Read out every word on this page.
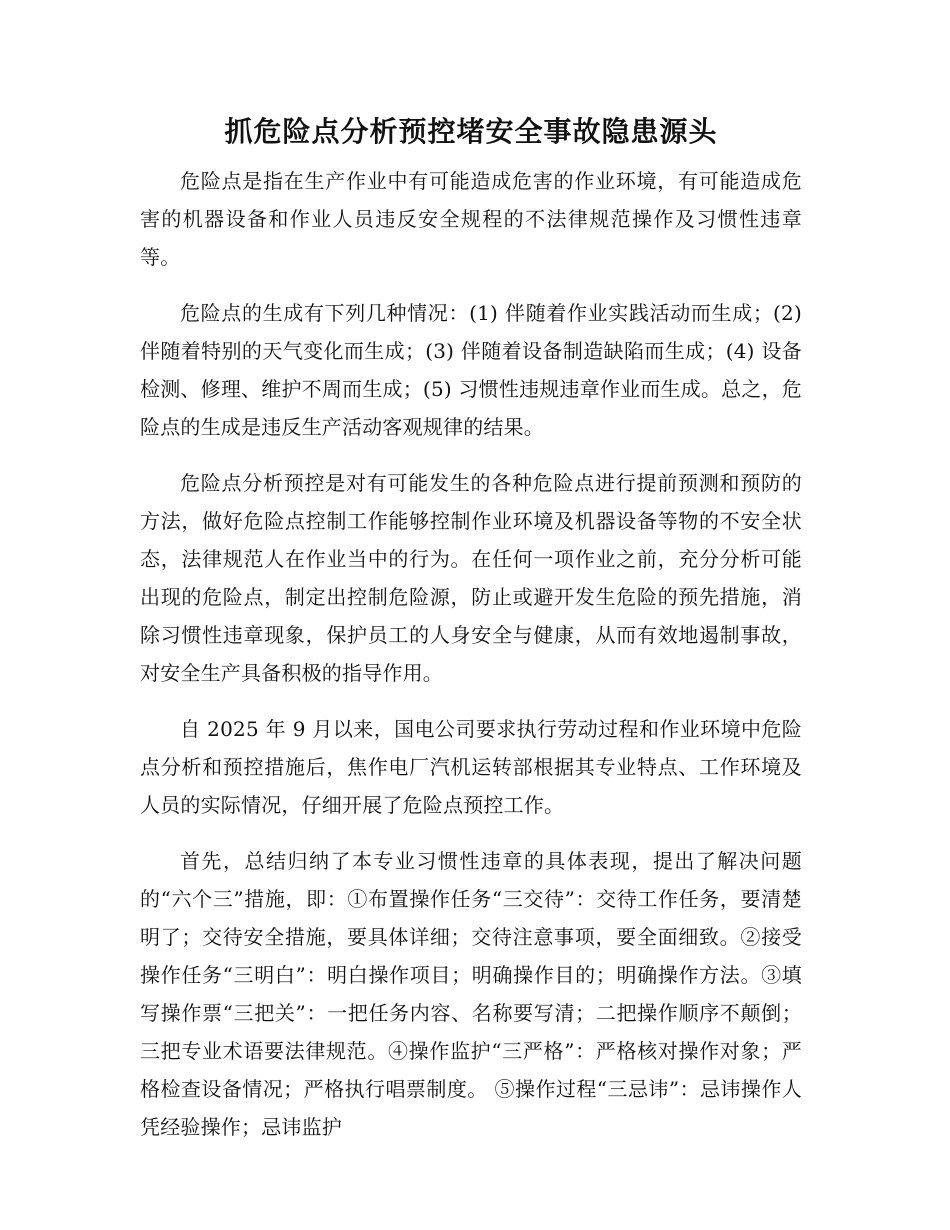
抓危险点分析预控堵安全事故隐患源头

危险点是指在生产作业中有可能造成危害的作业环境，有可能造成危害的机器设备和作业人员违反安全规程的不法律规范操作及习惯性违章等。

危险点的生成有下列几种情况：(1) 伴随着作业实践活动而生成；(2) 伴随着特别的天气变化而生成；(3) 伴随着设备制造缺陷而生成；(4) 设备检测、修理、维护不周而生成；(5) 习惯性违规违章作业而生成。总之，危险点的生成是违反生产活动客观规律的结果。

危险点分析预控是对有可能发生的各种危险点进行提前预测和预防的方法，做好危险点控制工作能够控制作业环境及机器设备等物的不安全状态，法律规范人在作业当中的行为。在任何一项作业之前，充分分析可能出现的危险点，制定出控制危险源，防止或避开发生危险的预先措施，消除习惯性违章现象，保护员工的人身安全与健康，从而有效地遏制事故，对安全生产具备积极的指导作用。

自 2025 年 9 月以来，国电公司要求执行劳动过程和作业环境中危险点分析和预控措施后，焦作电厂汽机运转部根据其专业特点、工作环境及人员的实际情况，仔细开展了危险点预控工作。

首先，总结归纳了本专业习惯性违章的具体表现，提出了解决问题的“六个三”措施，即：①布置操作任务“三交待”：交待工作任务，要清楚明了；交待安全措施，要具体详细；交待注意事项，要全面细致。②接受操作任务“三明白”：明白操作项目；明确操作目的；明确操作方法。③填写操作票“三把关”：一把任务内容、名称要写清；二把操作顺序不颠倒；三把专业术语要法律规范。④操作监护“三严格”：严格核对操作对象；严格检查设备情况；严格执行唱票制度。 ⑤操作过程“三忌讳”：忌讳操作人凭经验操作；忌讳监护
